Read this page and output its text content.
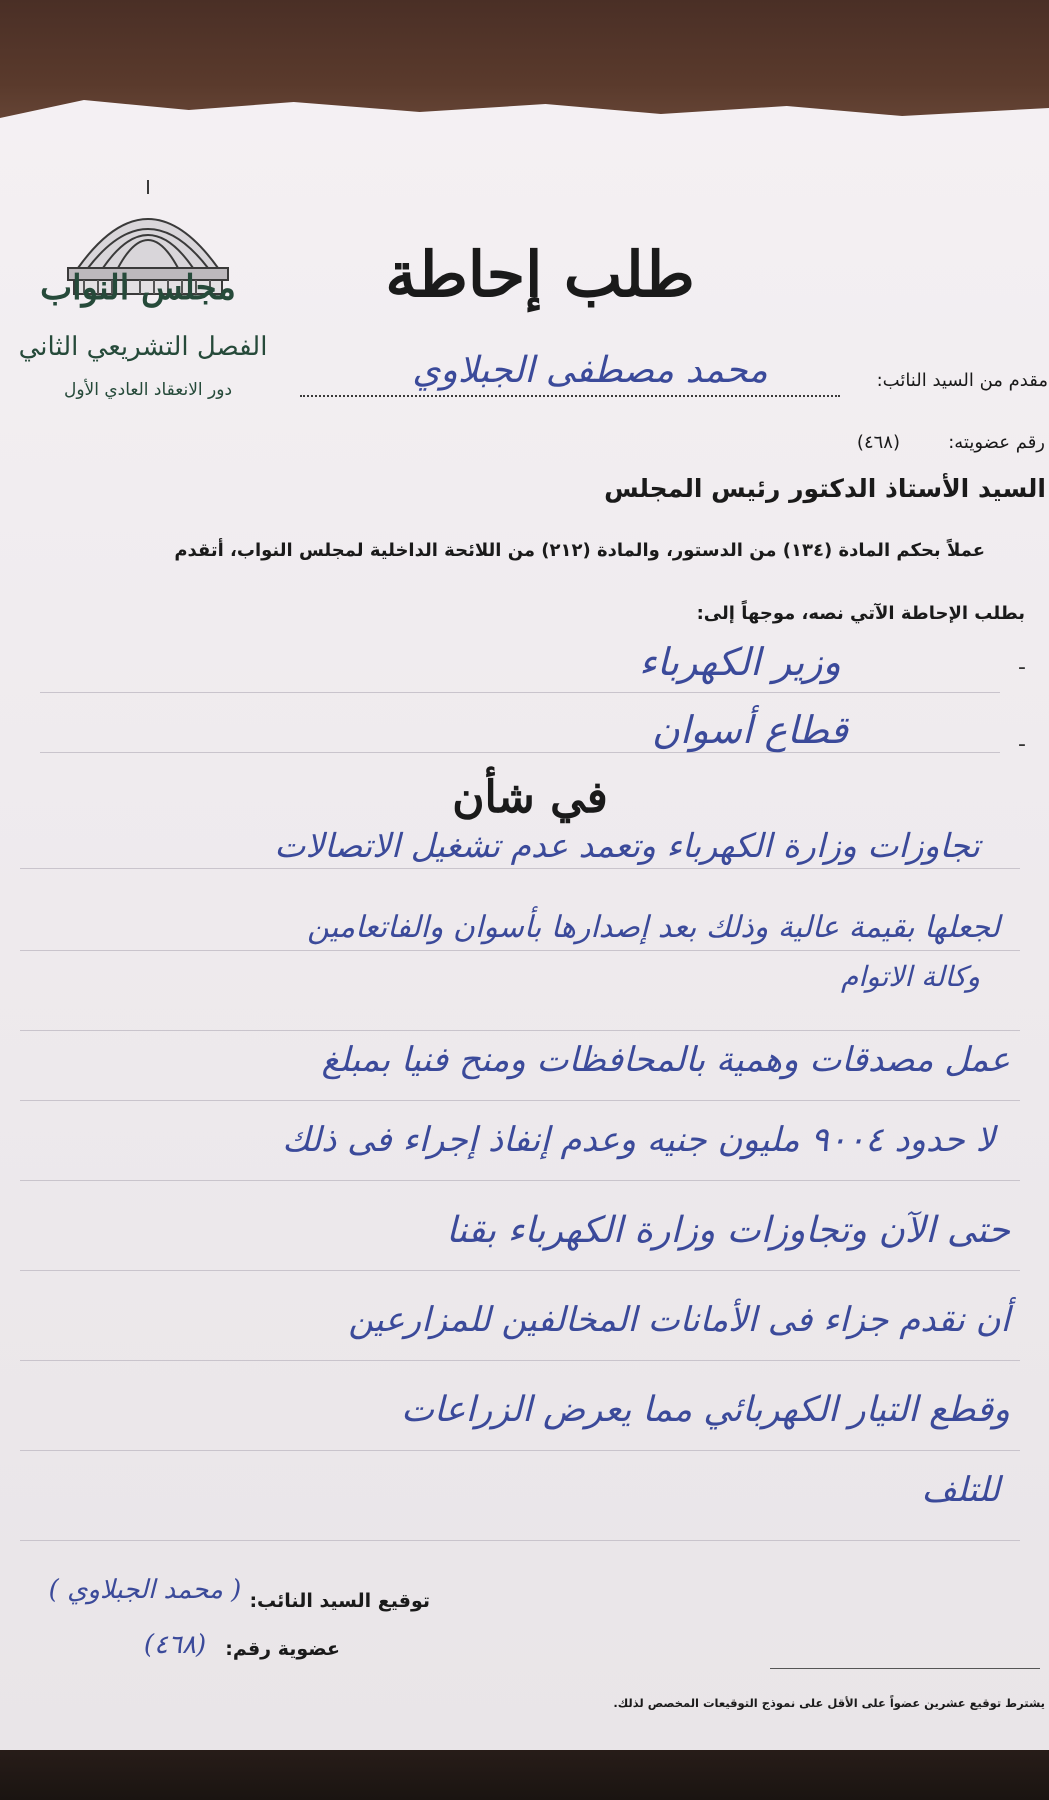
مجلس النواب
الفصل التشريعي الثاني
دور الانعقاد العادي الأول
طلب إحاطة
مقدم من السيد النائب:
محمد مصطفى الجبلاوي
رقم عضويته:
(٤٦٨)
السيد الأستاذ الدكتور رئيس المجلس
عملاً بحكم المادة (١٣٤) من الدستور، والمادة (٢١٢) من اللائحة الداخلية لمجلس النواب، أتقدم
بطلب الإحاطة الآتي نصه، موجهاً إلى:
-
وزير الكهرباء
-
قطاع أسوان
في شأن
تجاوزات وزارة الكهرباء وتعمد عدم تشغيل الاتصالات
لجعلها بقيمة عالية وذلك بعد إصدارها بأسوان والفاتعامين
وكالة الاتوام
عمل مصدقات وهمية بالمحافظات ومنح فنيا بمبلغ
لا حدود ٩٠٠٤ مليون جنيه وعدم إنفاذ إجراء فى ذلك
حتى الآن وتجاوزات وزارة الكهرباء بقنا
أن نقدم جزاء فى الأمانات المخالفين للمزارعين
وقطع التيار الكهربائي مما يعرض الزراعات
للتلف
توقيع السيد النائب:
( محمد الجبلاوي )
عضوية رقم:
(٤٦٨)
يشترط توقيع عشرين عضواً على الأقل على نموذج التوقيعات المخصص لذلك.
